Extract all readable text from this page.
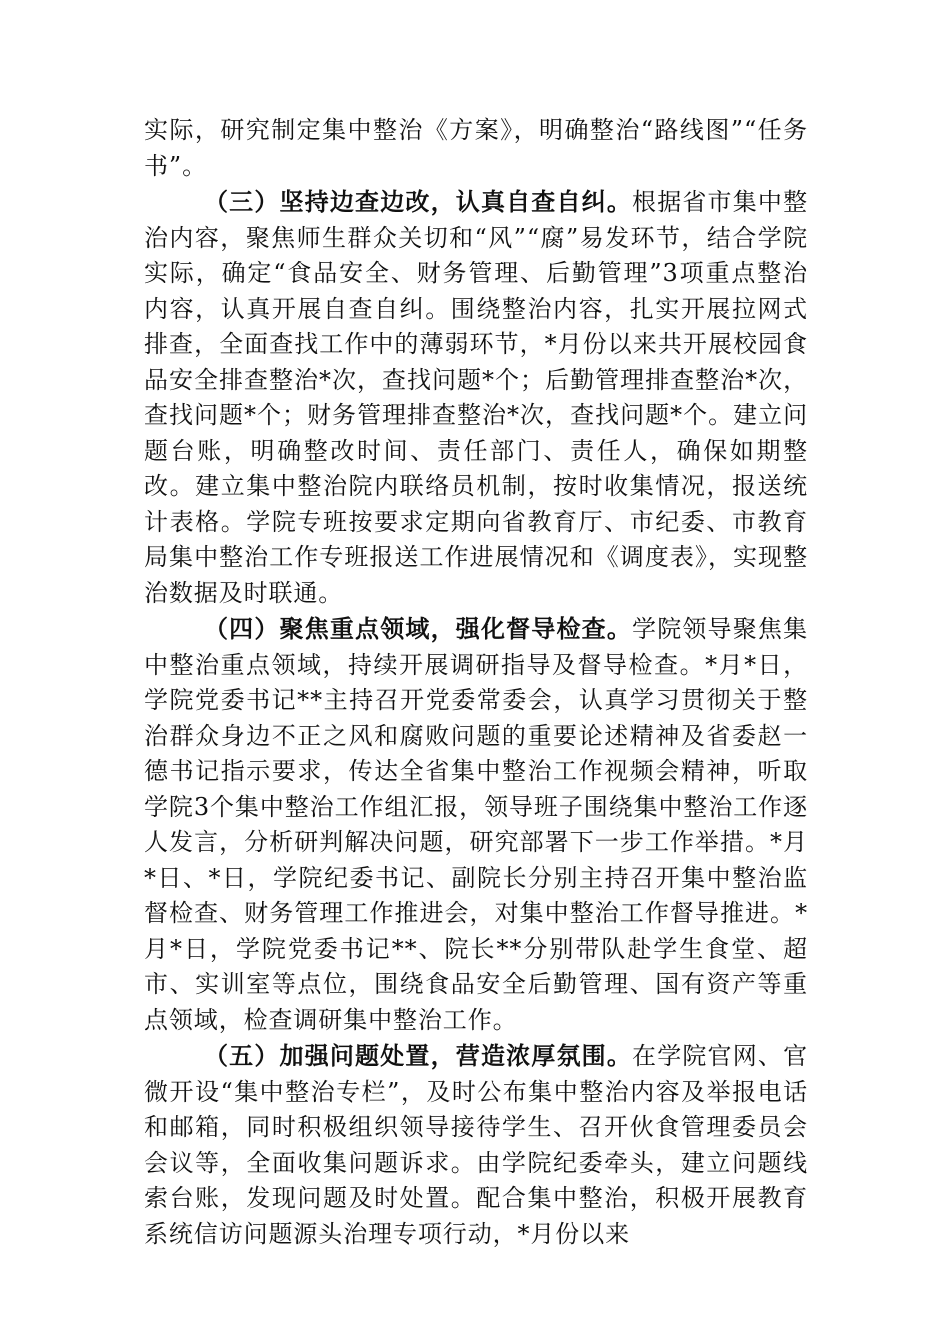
实际，研究制定集中整治《方案》，明确整治“路线图”“任务书”。

（三）坚持边查边改，认真自查自纠。根据省市集中整治内容，聚焦师生群众关切和“风”“腐”易发环节，结合学院实际，确定“食品安全、财务管理、后勤管理”3项重点整治内容，认真开展自查自纠。围绕整治内容，扎实开展拉网式排查，全面查找工作中的薄弱环节，*月份以来共开展校园食品安全排查整治*次，查找问题*个；后勤管理排查整治*次，查找问题*个；财务管理排查整治*次，查找问题*个。建立问题台账，明确整改时间、责任部门、责任人，确保如期整改。建立集中整治院内联络员机制，按时收集情况，报送统计表格。学院专班按要求定期向省教育厅、市纪委、市教育局集中整治工作专班报送工作进展情况和《调度表》，实现整治数据及时联通。

（四）聚焦重点领域，强化督导检查。学院领导聚焦集中整治重点领域，持续开展调研指导及督导检查。*月*日，学院党委书记**主持召开党委常委会，认真学习贯彻关于整治群众身边不正之风和腐败问题的重要论述精神及省委赵一德书记指示要求，传达全省集中整治工作视频会精神，听取学院3个集中整治工作组汇报，领导班子围绕集中整治工作逐人发言，分析研判解决问题，研究部署下一步工作举措。*月*日、*日，学院纪委书记、副院长分别主持召开集中整治监督检查、财务管理工作推进会，对集中整治工作督导推进。*月*日，学院党委书记**、院长**分别带队赴学生食堂、超市、实训室等点位，围绕食品安全后勤管理、国有资产等重点领域，检查调研集中整治工作。

（五）加强问题处置，营造浓厚氛围。在学院官网、官微开设“集中整治专栏”，及时公布集中整治内容及举报电话和邮箱，同时积极组织领导接待学生、召开伙食管理委员会会议等，全面收集问题诉求。由学院纪委牵头，建立问题线索台账，发现问题及时处置。配合集中整治，积极开展教育系统信访问题源头治理专项行动，*月份以来
